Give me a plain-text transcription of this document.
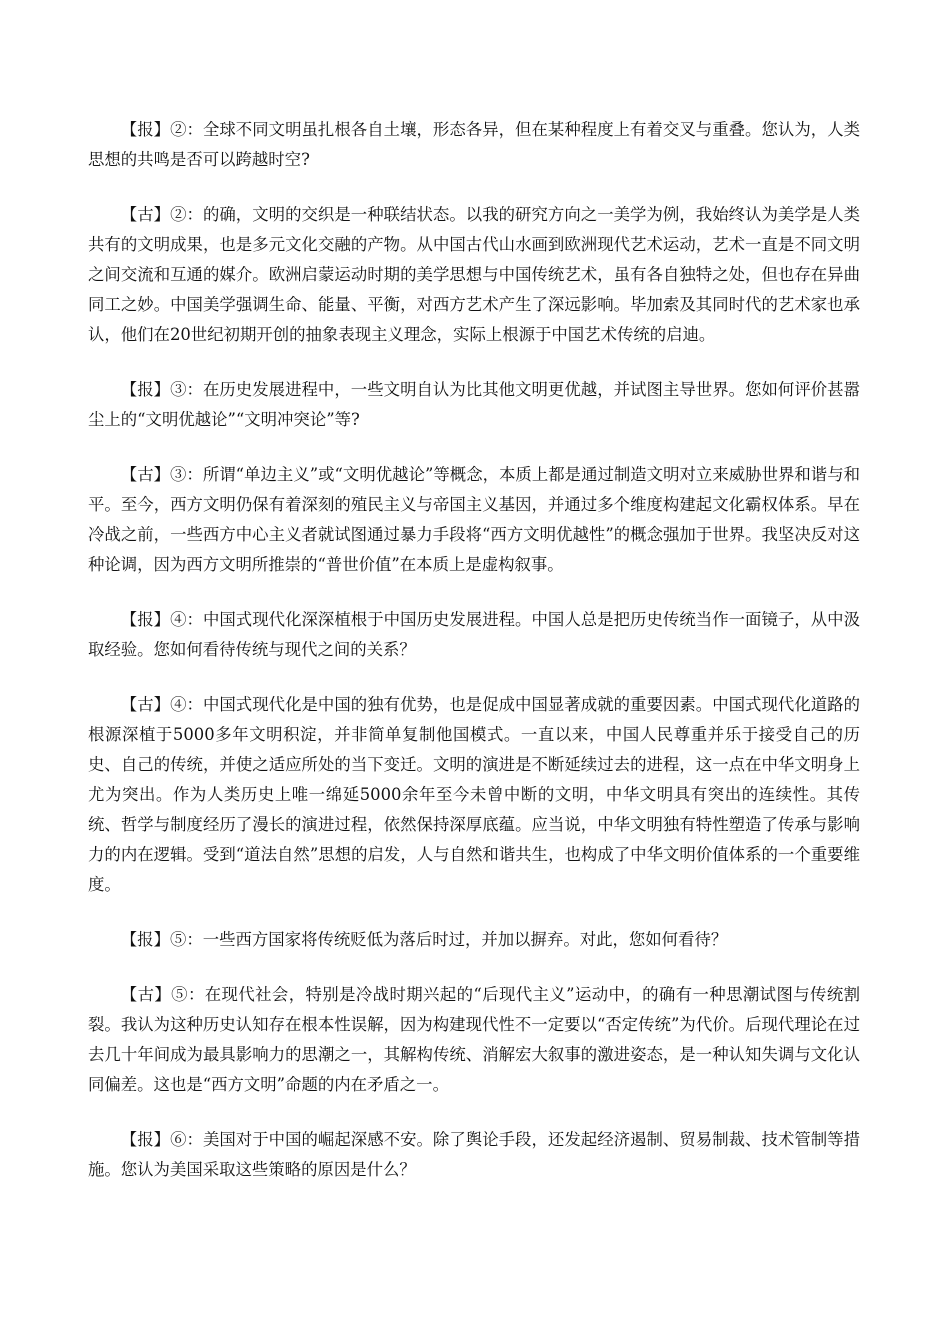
【报】②：全球不同文明虽扎根各自土壤，形态各异，但在某种程度上有着交叉与重叠。您认为，人类思想的共鸣是否可以跨越时空?

【古】②：的确，文明的交织是一种联结状态。以我的研究方向之一美学为例，我始终认为美学是人类共有的文明成果，也是多元文化交融的产物。从中国古代山水画到欧洲现代艺术运动，艺术一直是不同文明之间交流和互通的媒介。欧洲启蒙运动时期的美学思想与中国传统艺术，虽有各自独特之处，但也存在异曲同工之妙。中国美学强调生命、能量、平衡，对西方艺术产生了深远影响。毕加索及其同时代的艺术家也承认，他们在20世纪初期开创的抽象表现主义理念，实际上根源于中国艺术传统的启迪。

【报】③：在历史发展进程中，一些文明自认为比其他文明更优越，并试图主导世界。您如何评价甚嚣尘上的“文明优越论”“文明冲突论”等?

【古】③：所谓“单边主义”或“文明优越论”等概念，本质上都是通过制造文明对立来威胁世界和谐与和平。至今，西方文明仍保有着深刻的殖民主义与帝国主义基因，并通过多个维度构建起文化霸权体系。早在冷战之前，一些西方中心主义者就试图通过暴力手段将“西方文明优越性”的概念强加于世界。我坚决反对这种论调，因为西方文明所推崇的“普世价值”在本质上是虚构叙事。

【报】④：中国式现代化深深植根于中国历史发展进程。中国人总是把历史传统当作一面镜子，从中汲取经验。您如何看待传统与现代之间的关系？

【古】④：中国式现代化是中国的独有优势，也是促成中国显著成就的重要因素。中国式现代化道路的根源深植于5000多年文明积淀，并非简单复制他国模式。一直以来，中国人民尊重并乐于接受自己的历史、自己的传统，并使之适应所处的当下变迁。文明的演进是不断延续过去的进程，这一点在中华文明身上尤为突出。作为人类历史上唯一绵延5000余年至今未曾中断的文明，中华文明具有突出的连续性。其传统、哲学与制度经历了漫长的演进过程，依然保持深厚底蕴。应当说，中华文明独有特性塑造了传承与影响力的内在逻辑。受到“道法自然”思想的启发，人与自然和谐共生，也构成了中华文明价值体系的一个重要维度。

【报】⑤：一些西方国家将传统贬低为落后时过，并加以摒弃。对此，您如何看待？

【古】⑤：在现代社会，特别是冷战时期兴起的“后现代主义”运动中，的确有一种思潮试图与传统割裂。我认为这种历史认知存在根本性误解，因为构建现代性不一定要以“否定传统”为代价。后现代理论在过去几十年间成为最具影响力的思潮之一，其解构传统、消解宏大叙事的激进姿态，是一种认知失调与文化认同偏差。这也是“西方文明”命题的内在矛盾之一。

【报】⑥：美国对于中国的崛起深感不安。除了舆论手段，还发起经济遏制、贸易制裁、技术管制等措施。您认为美国采取这些策略的原因是什么？
